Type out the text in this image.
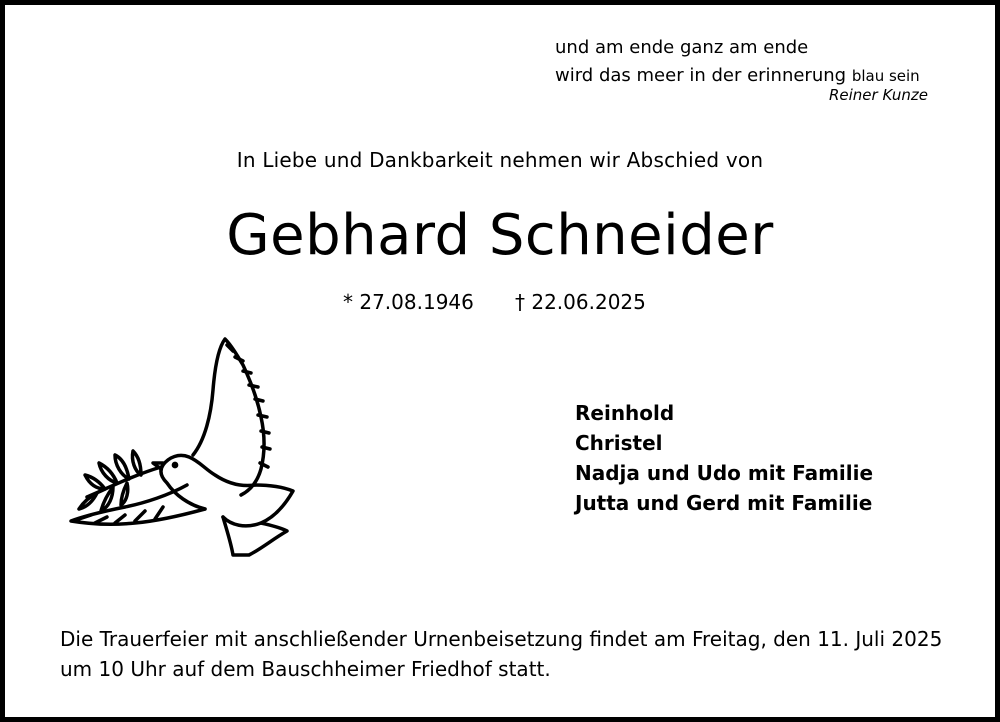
und am ende ganz am ende
wird das meer in der erinnerung blau sein
Reiner Kunze
In Liebe und Dankbarkeit nehmen wir Abschied von
Gebhard Schneider
* 27.08.1946 † 22.06.2025
Reinhold
Christel
Nadja und Udo mit Familie
Jutta und Gerd mit Familie
Die Trauerfeier mit anschließender Urnenbeisetzung findet am Freitag, den 11. Juli 2025
um 10 Uhr auf dem Bauschheimer Friedhof statt.
